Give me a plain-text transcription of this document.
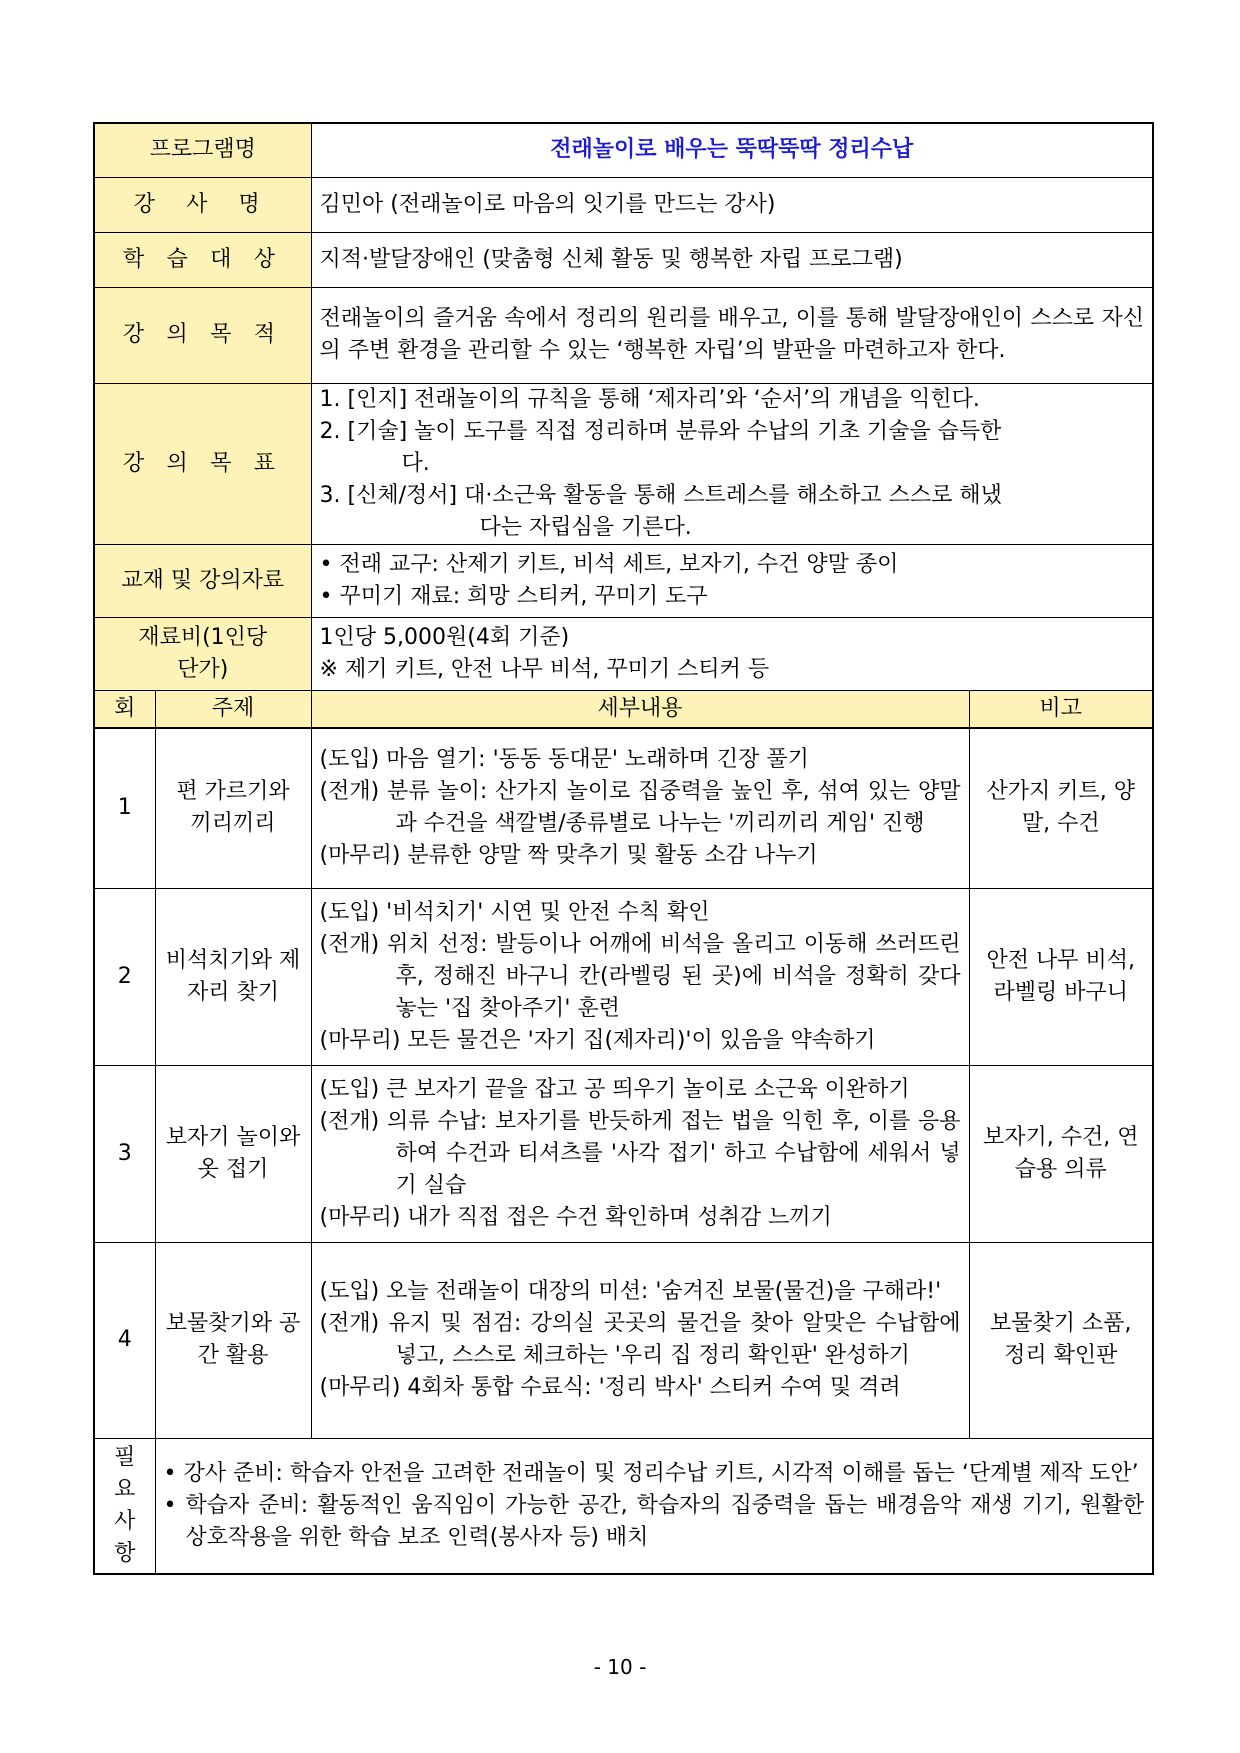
프로그램명		전래놀이로 배우는 뚝딱뚝딱 정리수납	
강 사 명		김민아 (전래놀이로 마음의 잇기를 만드는 강사)	
학 습 대 상		지적·발달장애인 (맞춤형 신체 활동 및 행복한 자립 프로그램)	
강 의 목 적		전래놀이의 즐거움 속에서 정리의 원리를 배우고, 이를 통해 발달장애인이 스스로 자신의 주변 환경을 관리할 수 있는 ‘행복한 자립’의 발판을 마련하고자 한다.	
강 의 목 표		1. [인지] 전래놀이의 규칙을 통해 ‘제자리’와 ‘순서’의 개념을 익힌다.
2. [기술] 놀이 도구를 직접 정리하며 분류와 수납의 기초 기술을 습득한
다.
3. [신체/정서] 대·소근육 활동을 통해 스트레스를 해소하고 스스로 해냈
다는 자립심을 기른다.	

교재 및 강의자료		• 전래 교구: 산제기 키트, 비석 세트, 보자기, 수건 양말 종이
• 꾸미기 재료: 희망 스티커, 꾸미기 도구	

재료비(1인당
단가)		1인당 5,000원(4회 기준)
※ 제기 키트, 안전 나무 비석, 꾸미기 스티커 등	

회	주제	세부내용	비고
1	편 가르기와 끼리끼리	(도입) 마음 열기: '동동 동대문' 노래하며 긴장 풀기
(전개) 분류 놀이: 산가지 놀이로 집중력을 높인 후, 섞여 있는 양말과 수건을 색깔별/종류별로 나누는 '끼리끼리 게임' 진행
(마무리) 분류한 양말 짝 맞추기 및 활동 소감 나누기	산가지 키트, 양말, 수건
2	비석치기와 제자리 찾기	(도입) '비석치기' 시연 및 안전 수칙 확인
(전개) 위치 선정: 발등이나 어깨에 비석을 올리고 이동해 쓰러뜨린 후, 정해진 바구니 칸(라벨링 된 곳)에 비석을 정확히 갖다 놓는 '집 찾아주기' 훈련
(마무리) 모든 물건은 '자기 집(제자리)'이 있음을 약속하기	안전 나무 비석, 라벨링 바구니
3	보자기 놀이와 옷 접기	(도입) 큰 보자기 끝을 잡고 공 띄우기 놀이로 소근육 이완하기
(전개) 의류 수납: 보자기를 반듯하게 접는 법을 익힌 후, 이를 응용하여 수건과 티셔츠를 '사각 접기' 하고 수납함에 세워서 넣기 실습
(마무리) 내가 직접 접은 수건 확인하며 성취감 느끼기	보자기, 수건, 연습용 의류
4	보물찾기와 공간 활용	(도입) 오늘 전래놀이 대장의 미션: '숨겨진 보물(물건)을 구해라!'
(전개) 유지 및 점검: 강의실 곳곳의 물건을 찾아 알맞은 수납함에 넣고, 스스로 체크하는 '우리 집 정리 확인판' 완성하기
(마무리) 4회차 통합 수료식: '정리 박사' 스티커 수여 및 격려	보물찾기 소품, 정리 확인판

필
요
사
항	• 강사 준비: 학습자 안전을 고려한 전래놀이 및 정리수납 키트, 시각적 이해를 돕는 ‘단계별 제작 도안’
• 학습자 준비: 활동적인 움직임이 가능한 공간, 학습자의 집중력을 돕는 배경음악 재생 기기, 원활한 상호작용을 위한 학습 보조 인력(봉사자 등) 배치		
- 10 -
